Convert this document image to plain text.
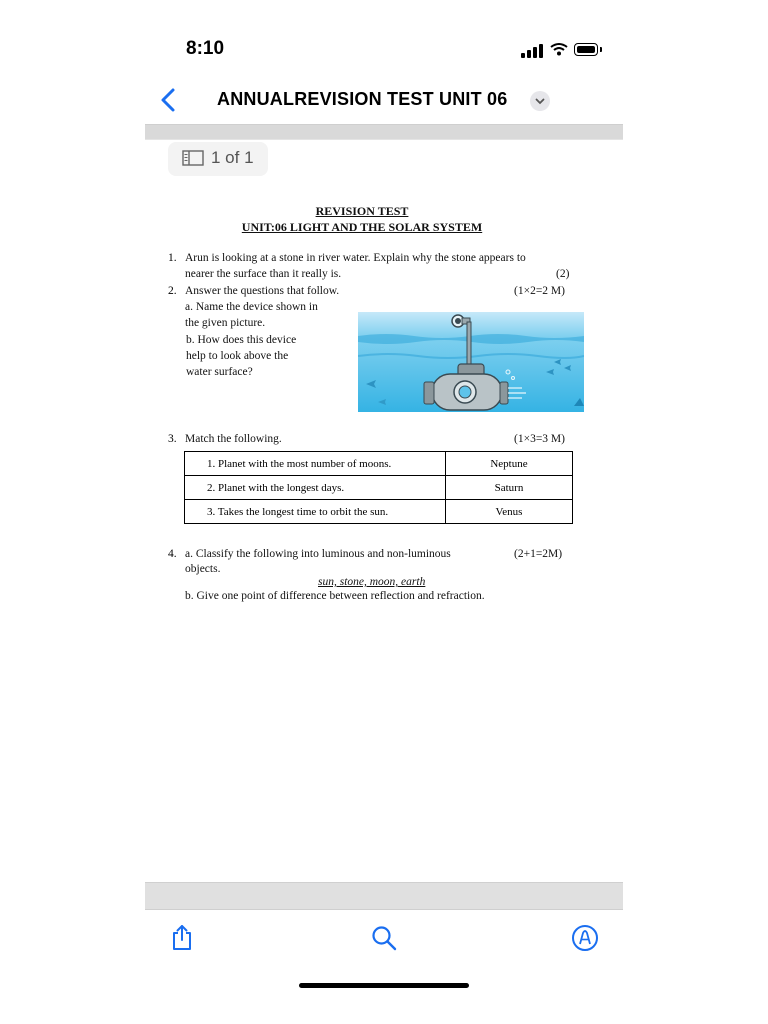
8:10
ANNUALREVISION TEST UNIT 06
1 of 1
REVISION TEST
UNIT:06 LIGHT AND THE SOLAR SYSTEM
1. Arun is looking at a stone in river water. Explain why the stone appears to
nearer the surface than it really is.	(2)
2. Answer the questions that follow.	(1×2=2 M)
a. Name the device shown in
the given picture.
b. How does this device
help to look above the
water surface?
3. Match the following.	(1×3=3 M)
1. Planet with the most number of moons.	Neptune
2. Planet with the longest days.	Saturn
3. Takes the longest time to orbit the sun.	Venus
4. a. Classify the following into luminous and non-luminous
objects.
(2+1=2M)
sun, stone, moon, earth
b. Give one point of difference between reflection and refraction.
